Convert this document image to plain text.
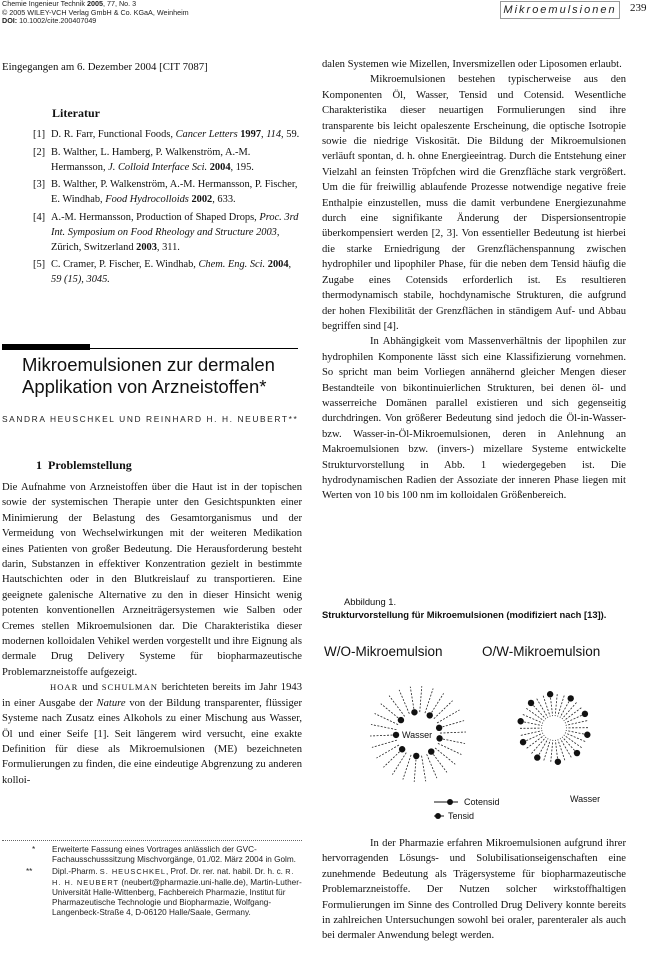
Chemie Ingenieur Technik 2005, 77, No. 3
© 2005 WILEY-VCH Verlag GmbH & Co. KGaA, Weinheim
DOI: 10.1002/cite.200407049
Mikroemulsionen	239

Eingegangen am 6. Dezember 2004 [CIT 7087]

Literatur
[1] D. R. Farr, Functional Foods, Cancer Letters 1997, 114, 59.
[2] B. Walther, L. Hamberg, P. Walkenström, A.-M. Hermansson, J. Colloid Interface Sci. 2004, 195.
[3] B. Walther, P. Walkenström, A.-M. Hermansson, P. Fischer, E. Windhab, Food Hydrocolloids 2002, 633.
[4] A.-M. Hermansson, Production of Shaped Drops, Proc. 3rd Int. Symposium on Food Rheology and Structure 2003, Zürich, Switzerland 2003, 311.
[5] C. Cramer, P. Fischer, E. Windhab, Chem. Eng. Sci. 2004, 59 (15), 3045.
Mikroemulsionen zur dermalen
Applikation von Arzneistoffen*
SANDRA HEUSCHKEL UND REINHARD H. H. NEUBERT**
1 Problemstellung

Die Aufnahme von Arzneistoffen über die Haut ist in der topischen sowie der systemischen Therapie unter den Gesichtspunkten einer Minimierung der Belastung des Gesamtorganismus und der Vermeidung von Wechselwirkungen mit der weiteren Medikation eines Patienten von großer Bedeutung. Die Herausforderung besteht darin, Substanzen in effektiver Konzentration gezielt in bestimmte Hautschichten oder in den Blutkreislauf zu transportieren. Eine geeignete galenische Alternative zu den in dieser Hinsicht wenig potenten konventionellen Arzneiträgersystemen wie Salben oder Cremes stellen Mikroemulsionen dar. Die Charakteristika dieser modernen kolloidalen Vehikel werden vorgestellt und ihre Eignung als dermale Drug Delivery Systeme für biopharmazeutische Problemarzneistoffe aufgezeigt.

HOAR und SCHULMAN berichteten bereits im Jahr 1943 in einer Ausgabe der Nature von der Bildung transparenter, flüssiger Systeme nach Zusatz eines Alkohols zu einer Mischung aus Wasser, Öl und einer Seife [1]. Seit längerem wird versucht, eine exakte Definition für diese als Mikroemulsionen (ME) bezeichneten Formulierungen zu finden, die eine eindeutige Abgrenzung zu anderen kolloi-

* Erweiterte Fassung eines Vortrages anlässlich der GVC-Fachausschusssitzung Mischvorgänge, 01./02. März 2004 in Golm.
** Dipl.-Pharm. S. HEUSCHKEL, Prof. Dr. rer. nat. habil. Dr. h. c. R. H. H. NEUBERT (neubert@pharmazie.uni-halle.de), Martin-Luther-Universität Halle-Wittenberg, Fachbereich Pharmazie, Institut für Pharmazeutische Technologie und Biopharmazie, Wolfgang-Langenbeck-Straße 4, D-06120 Halle/Saale, Germany.

dalen Systemen wie Mizellen, Inversmizellen oder Liposomen erlaubt.

Mikroemulsionen bestehen typischerweise aus den Komponenten Öl, Wasser, Tensid und Cotensid. Wesentliche Charakteristika dieser neuartigen Formulierungen sind ihre transparente bis leicht opaleszente Erscheinung, die optische Isotropie sowie die niedrige Viskosität. Die Bildung der Mikroemulsionen verläuft spontan, d. h. ohne Energieeintrag. Durch die Entstehung einer Vielzahl an feinsten Tröpfchen wird die Grenzfläche stark vergrößert. Um die für freiwillig ablaufende Prozesse notwendige negative freie Enthalpie einzustellen, muss die damit verbundene Energiezunahme durch eine signifikante Änderung der Dispersionsentropie überkompensiert werden [2, 3]. Von essentieller Bedeutung ist hierbei die starke Erniedrigung der Grenzflächenspannung zwischen hydrophiler und lipophiler Phase, für die neben dem Tensid häufig die Zugabe eines Cotensids erforderlich ist. Es resultieren thermodynamisch stabile, hochdynamische Strukturen, die aufgrund der hohen Flexibilität der Grenzflächen in ständigem Auf- und Abbau begriffen sind [4].

In Abhängigkeit vom Massenverhältnis der lipophilen zur hydrophilen Komponente lässt sich eine Klassifizierung vornehmen. So spricht man beim Vorliegen annähernd gleicher Mengen dieser Bestandteile von bikontinuierlichen Strukturen, bei denen öl- und wasserreiche Domänen parallel existieren und sich gegenseitig durchdringen. Von größerer Bedeutung sind jedoch die Öl-in-Wasser- bzw. Wasser-in-Öl-Mikroemulsionen, deren in Anlehnung an Makroemulsionen bzw. (invers-) mizellare Systeme entwickelte Strukturvorstellung in Abb. 1 wiedergegeben ist. Die hydrodynamischen Radien der Assoziate der inneren Phase liegen mit Werten von 10 bis 100 nm im kolloidalen Größenbereich.

Abbildung 1.
Strukturvorstellung für Mikroemulsionen (modifiziert nach [13]).
W/O-Mikroemulsion	O/W-Mikroemulsion
Wasser
Wasser
Cotensid
Tensid

In der Pharmazie erfahren Mikroemulsionen aufgrund ihrer hervorragenden Lösungs- und Solubilisationseigenschaften eine zunehmende Bedeutung als Trägersysteme für biopharmazeutische Problemarzneistoffe. Der Nutzen solcher wirkstoffhaltigen Formulierungen im Sinne des Controlled Drug Delivery konnte bereits in zahlreichen Untersuchungen sowohl bei oraler, parenteraler als auch bei dermaler Anwendung belegt werden.
